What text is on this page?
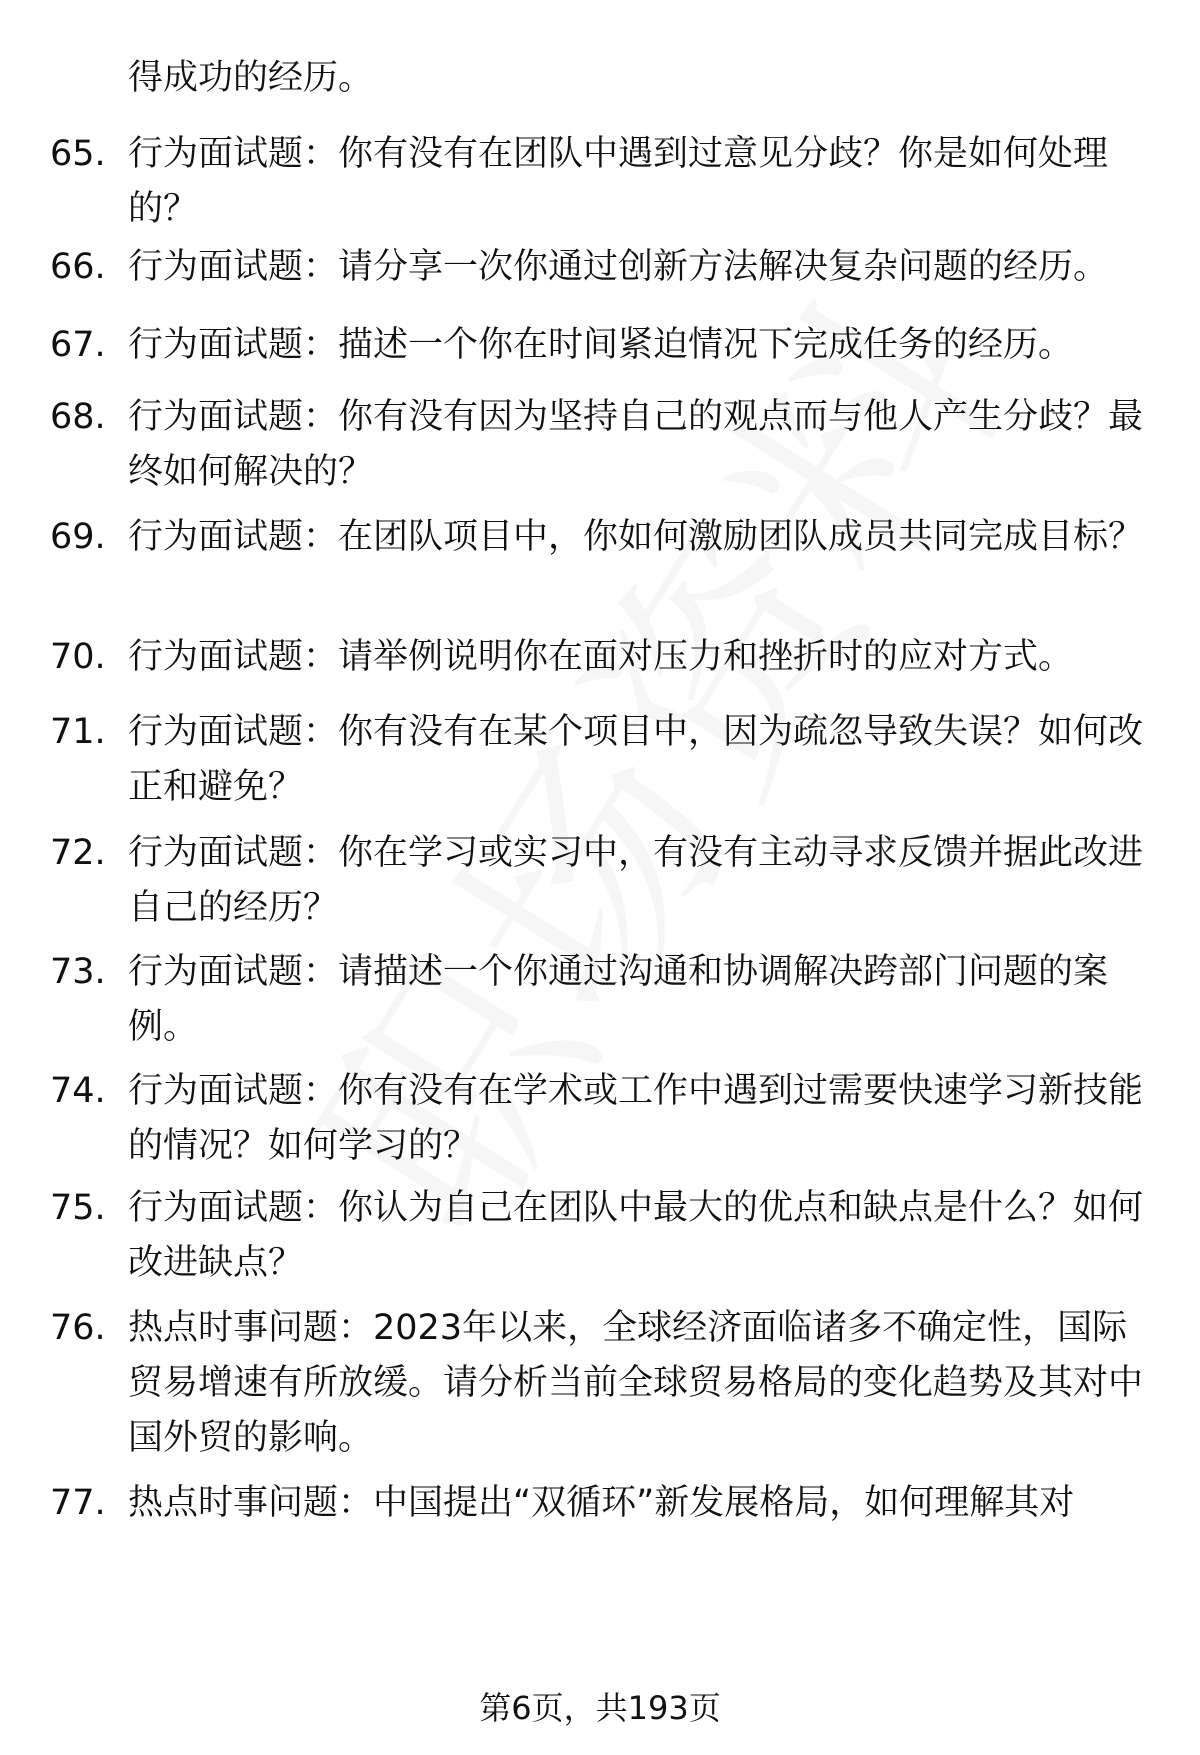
得成功的经历。
65. 行为面试题：你有没有在团队中遇到过意见分歧？你是如何处理的？
66. 行为面试题：请分享一次你通过创新方法解决复杂问题的经历。
67. 行为面试题：描述一个你在时间紧迫情况下完成任务的经历。
68. 行为面试题：你有没有因为坚持自己的观点而与他人产生分歧？最终如何解决的？
69. 行为面试题：在团队项目中，你如何激励团队成员共同完成目标？
70. 行为面试题：请举例说明你在面对压力和挫折时的应对方式。
71. 行为面试题：你有没有在某个项目中，因为疏忽导致失误？如何改正和避免？
72. 行为面试题：你在学习或实习中，有没有主动寻求反馈并据此改进自己的经历？
73. 行为面试题：请描述一个你通过沟通和协调解决跨部门问题的案例。
74. 行为面试题：你有没有在学术或工作中遇到过需要快速学习新技能的情况？如何学习的？
75. 行为面试题：你认为自己在团队中最大的优点和缺点是什么？如何改进缺点？
76. 热点时事问题：2023年以来，全球经济面临诸多不确定性，国际贸易增速有所放缓。请分析当前全球贸易格局的变化趋势及其对中国外贸的影响。
77. 热点时事问题：中国提出“双循环”新发展格局，如何理解其对
第6页，共193页
